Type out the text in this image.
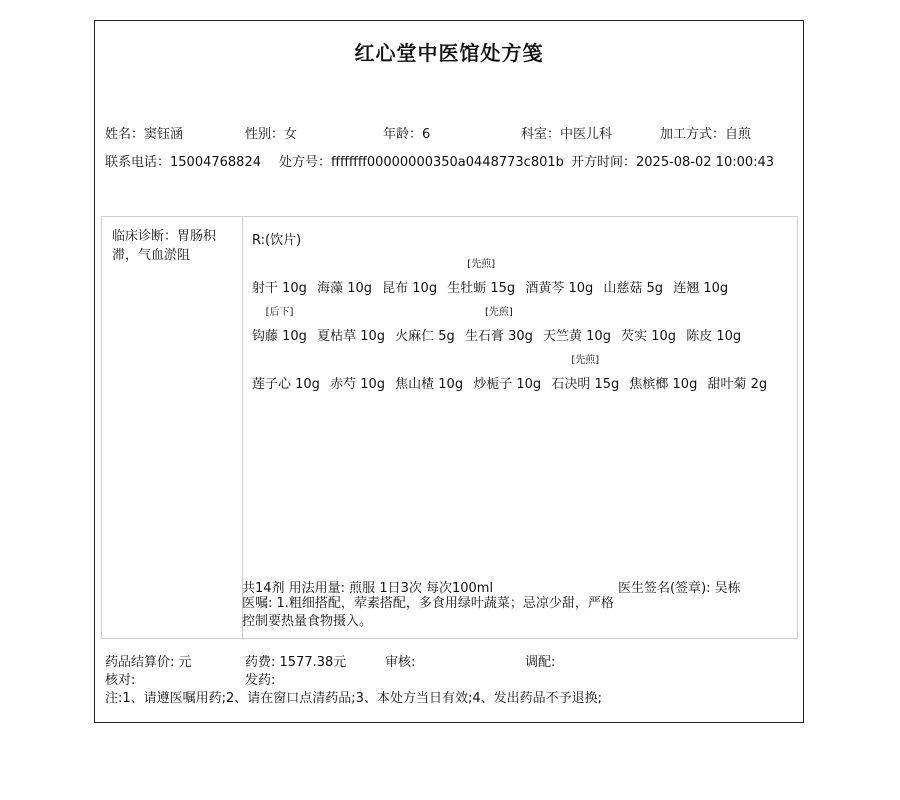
红心堂中医馆处方笺
姓名：窦钰涵	性别：女	年龄：6	科室：中医儿科	加工方式：自煎
联系电话：15004768824 处方号：ffffffff00000000350a0448773c801b 开方时间：2025-08-02 10:00:43
临床诊断：胃肠积滞，气血淤阻
R:(饮片)
射干 10g 海藻 10g 昆布 10g
[先煎]
生牡蛎 15g 酒黄芩 10g 山慈菇 5g 连翘 10g
[后下]
钩藤 10g 夏枯草 10g 火麻仁 5g
[先煎]
生石膏 30g 天竺黄 10g 芡实 10g 陈皮 10g
莲子心 10g 赤芍 10g 焦山楂 10g 炒栀子 10g
[先煎]
石决明 15g 焦槟榔 10g 甜叶菊 2g
共14剂 用法用量: 煎服 1日3次 每次100ml	医生签名(签章): 吴栋
医嘱: 1.粗细搭配，荤素搭配，多食用绿叶蔬菜；忌凉少甜，严格控制要热量食物摄入。
药品结算价: 元	药费: 1577.38元	审核:	调配:
核对:	发药:
注:1、请遵医嘱用药;2、请在窗口点清药品;3、本处方当日有效;4、发出药品不予退换;
